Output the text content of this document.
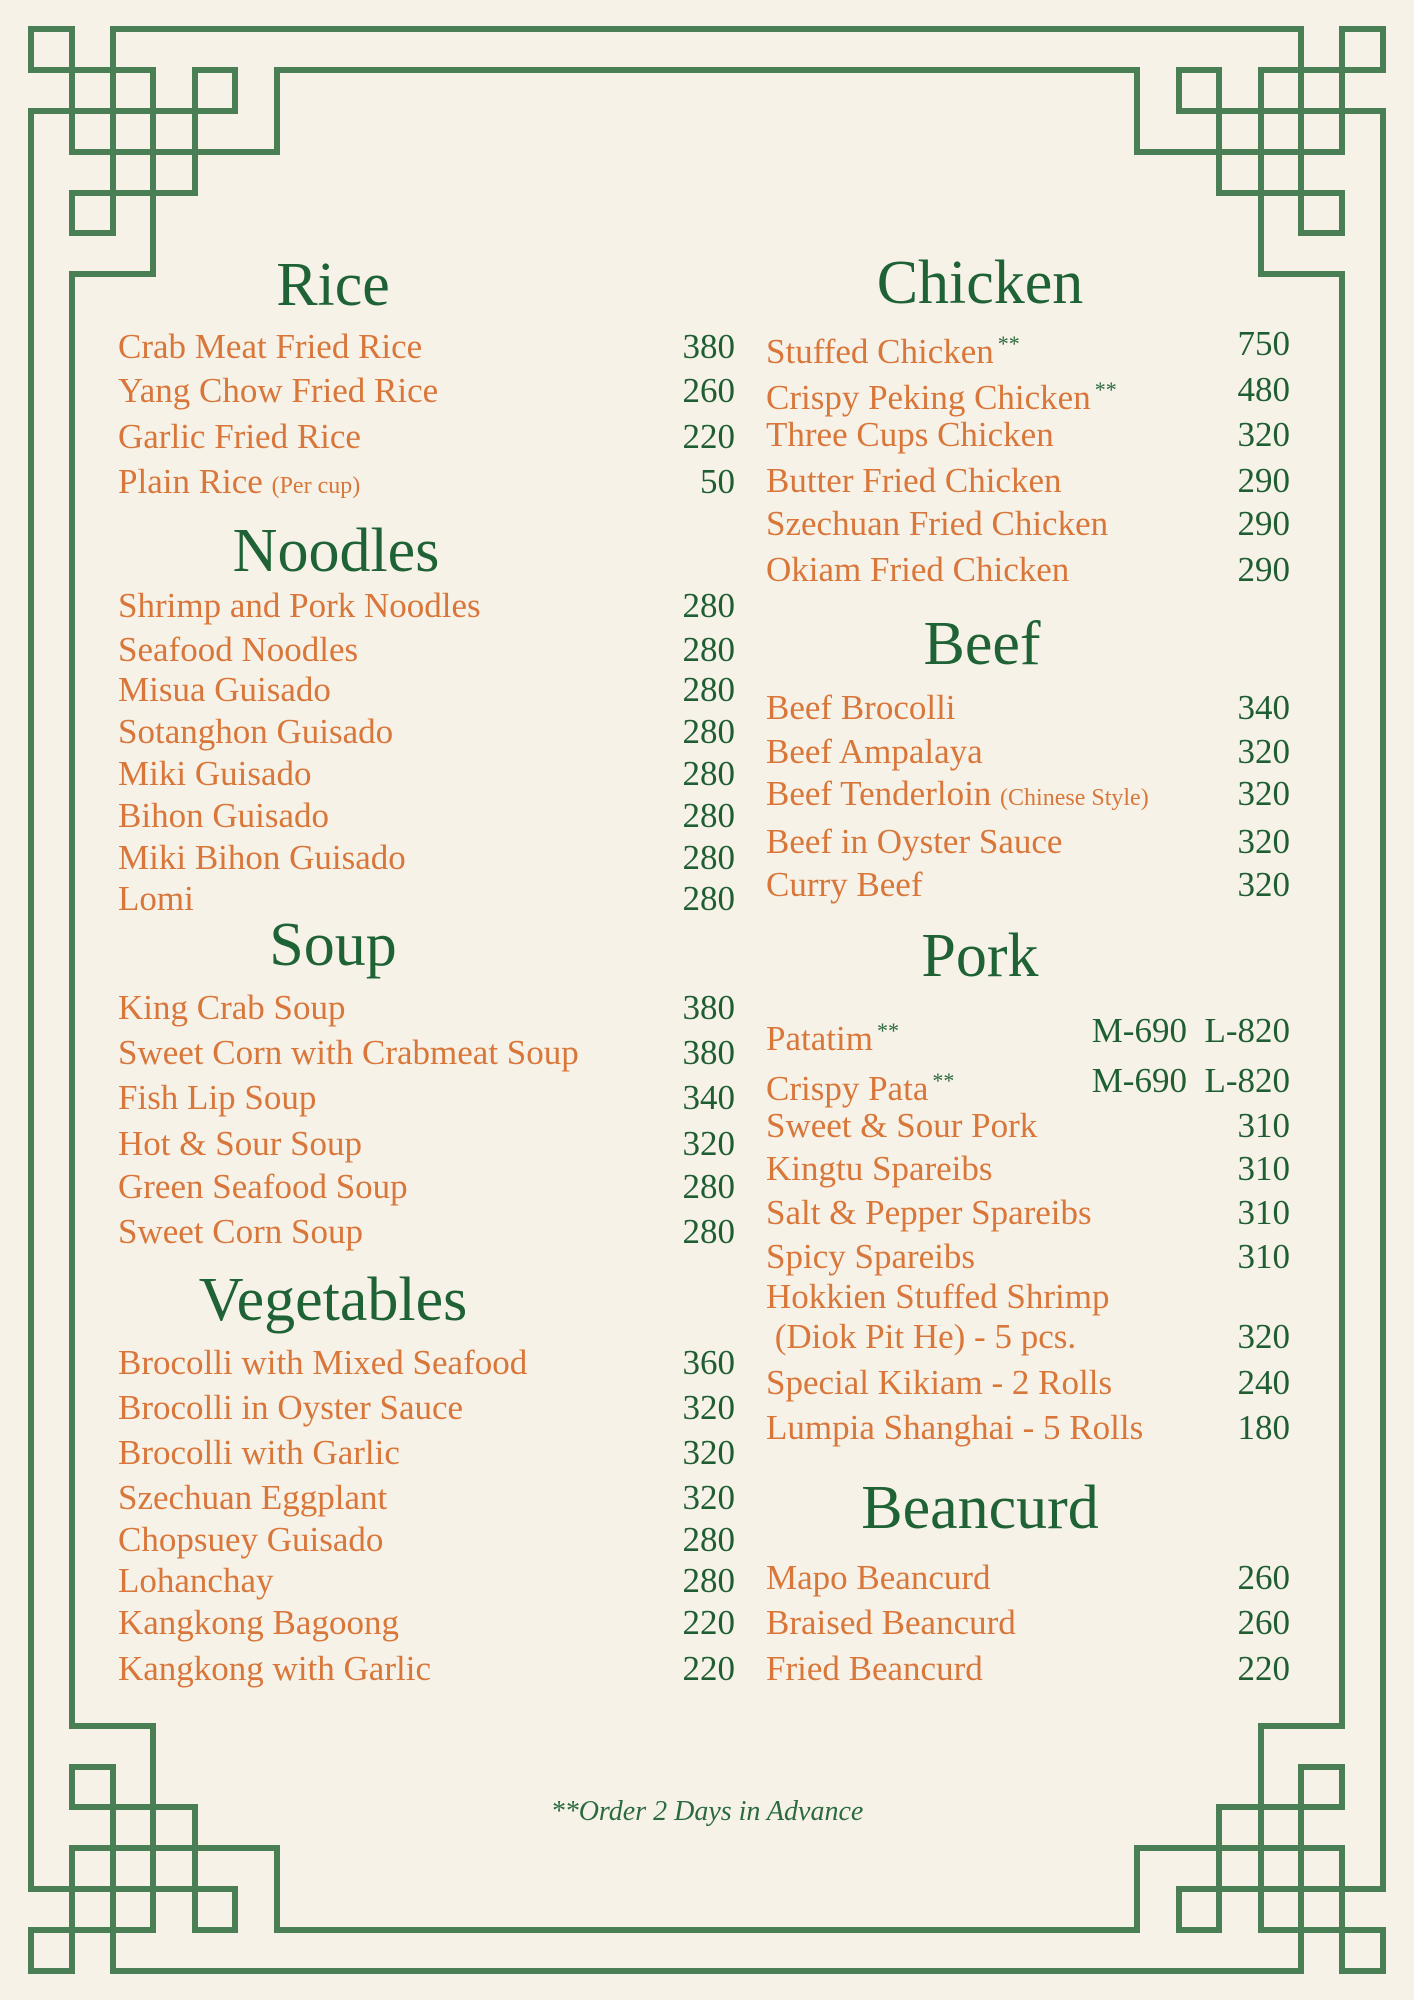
Rice
Noodles
Soup
Vegetables
Chicken
Beef
Pork
Beancurd
Crab Meat Fried Rice	380
Yang Chow Fried Rice	260
Garlic Fried Rice	220
Plain Rice (Per cup)	50
Shrimp and Pork Noodles	280
Seafood Noodles	280
Misua Guisado	280
Sotanghon Guisado	280
Miki Guisado	280
Bihon Guisado	280
Miki Bihon Guisado	280
Lomi	280
King Crab Soup	380
Sweet Corn with Crabmeat Soup	380
Fish Lip Soup	340
Hot & Sour Soup	320
Green Seafood Soup	280
Sweet Corn Soup	280
Brocolli with Mixed Seafood	360
Brocolli in Oyster Sauce	320
Brocolli with Garlic	320
Szechuan Eggplant	320
Chopsuey Guisado	280
Lohanchay	280
Kangkong Bagoong	220
Kangkong with Garlic	220
Stuffed Chicken **	750
Crispy Peking Chicken **	480
Three Cups Chicken	320
Butter Fried Chicken	290
Szechuan Fried Chicken	290
Okiam Fried Chicken	290
Beef Brocolli	340
Beef Ampalaya	320
Beef Tenderloin (Chinese Style)	320
Beef in Oyster Sauce	320
Curry Beef	320
Patatim **	M-690  L-820
Crispy Pata **	M-690  L-820
Sweet & Sour Pork	310
Kingtu Spareibs	310
Salt & Pepper Spareibs	310
Spicy Spareibs	310
Hokkien Stuffed Shrimp
(Diok Pit He) - 5 pcs.	320
Special Kikiam - 2 Rolls	240
Lumpia Shanghai - 5 Rolls	180
Mapo Beancurd	260
Braised Beancurd	260
Fried Beancurd	220
**Order 2 Days in Advance
